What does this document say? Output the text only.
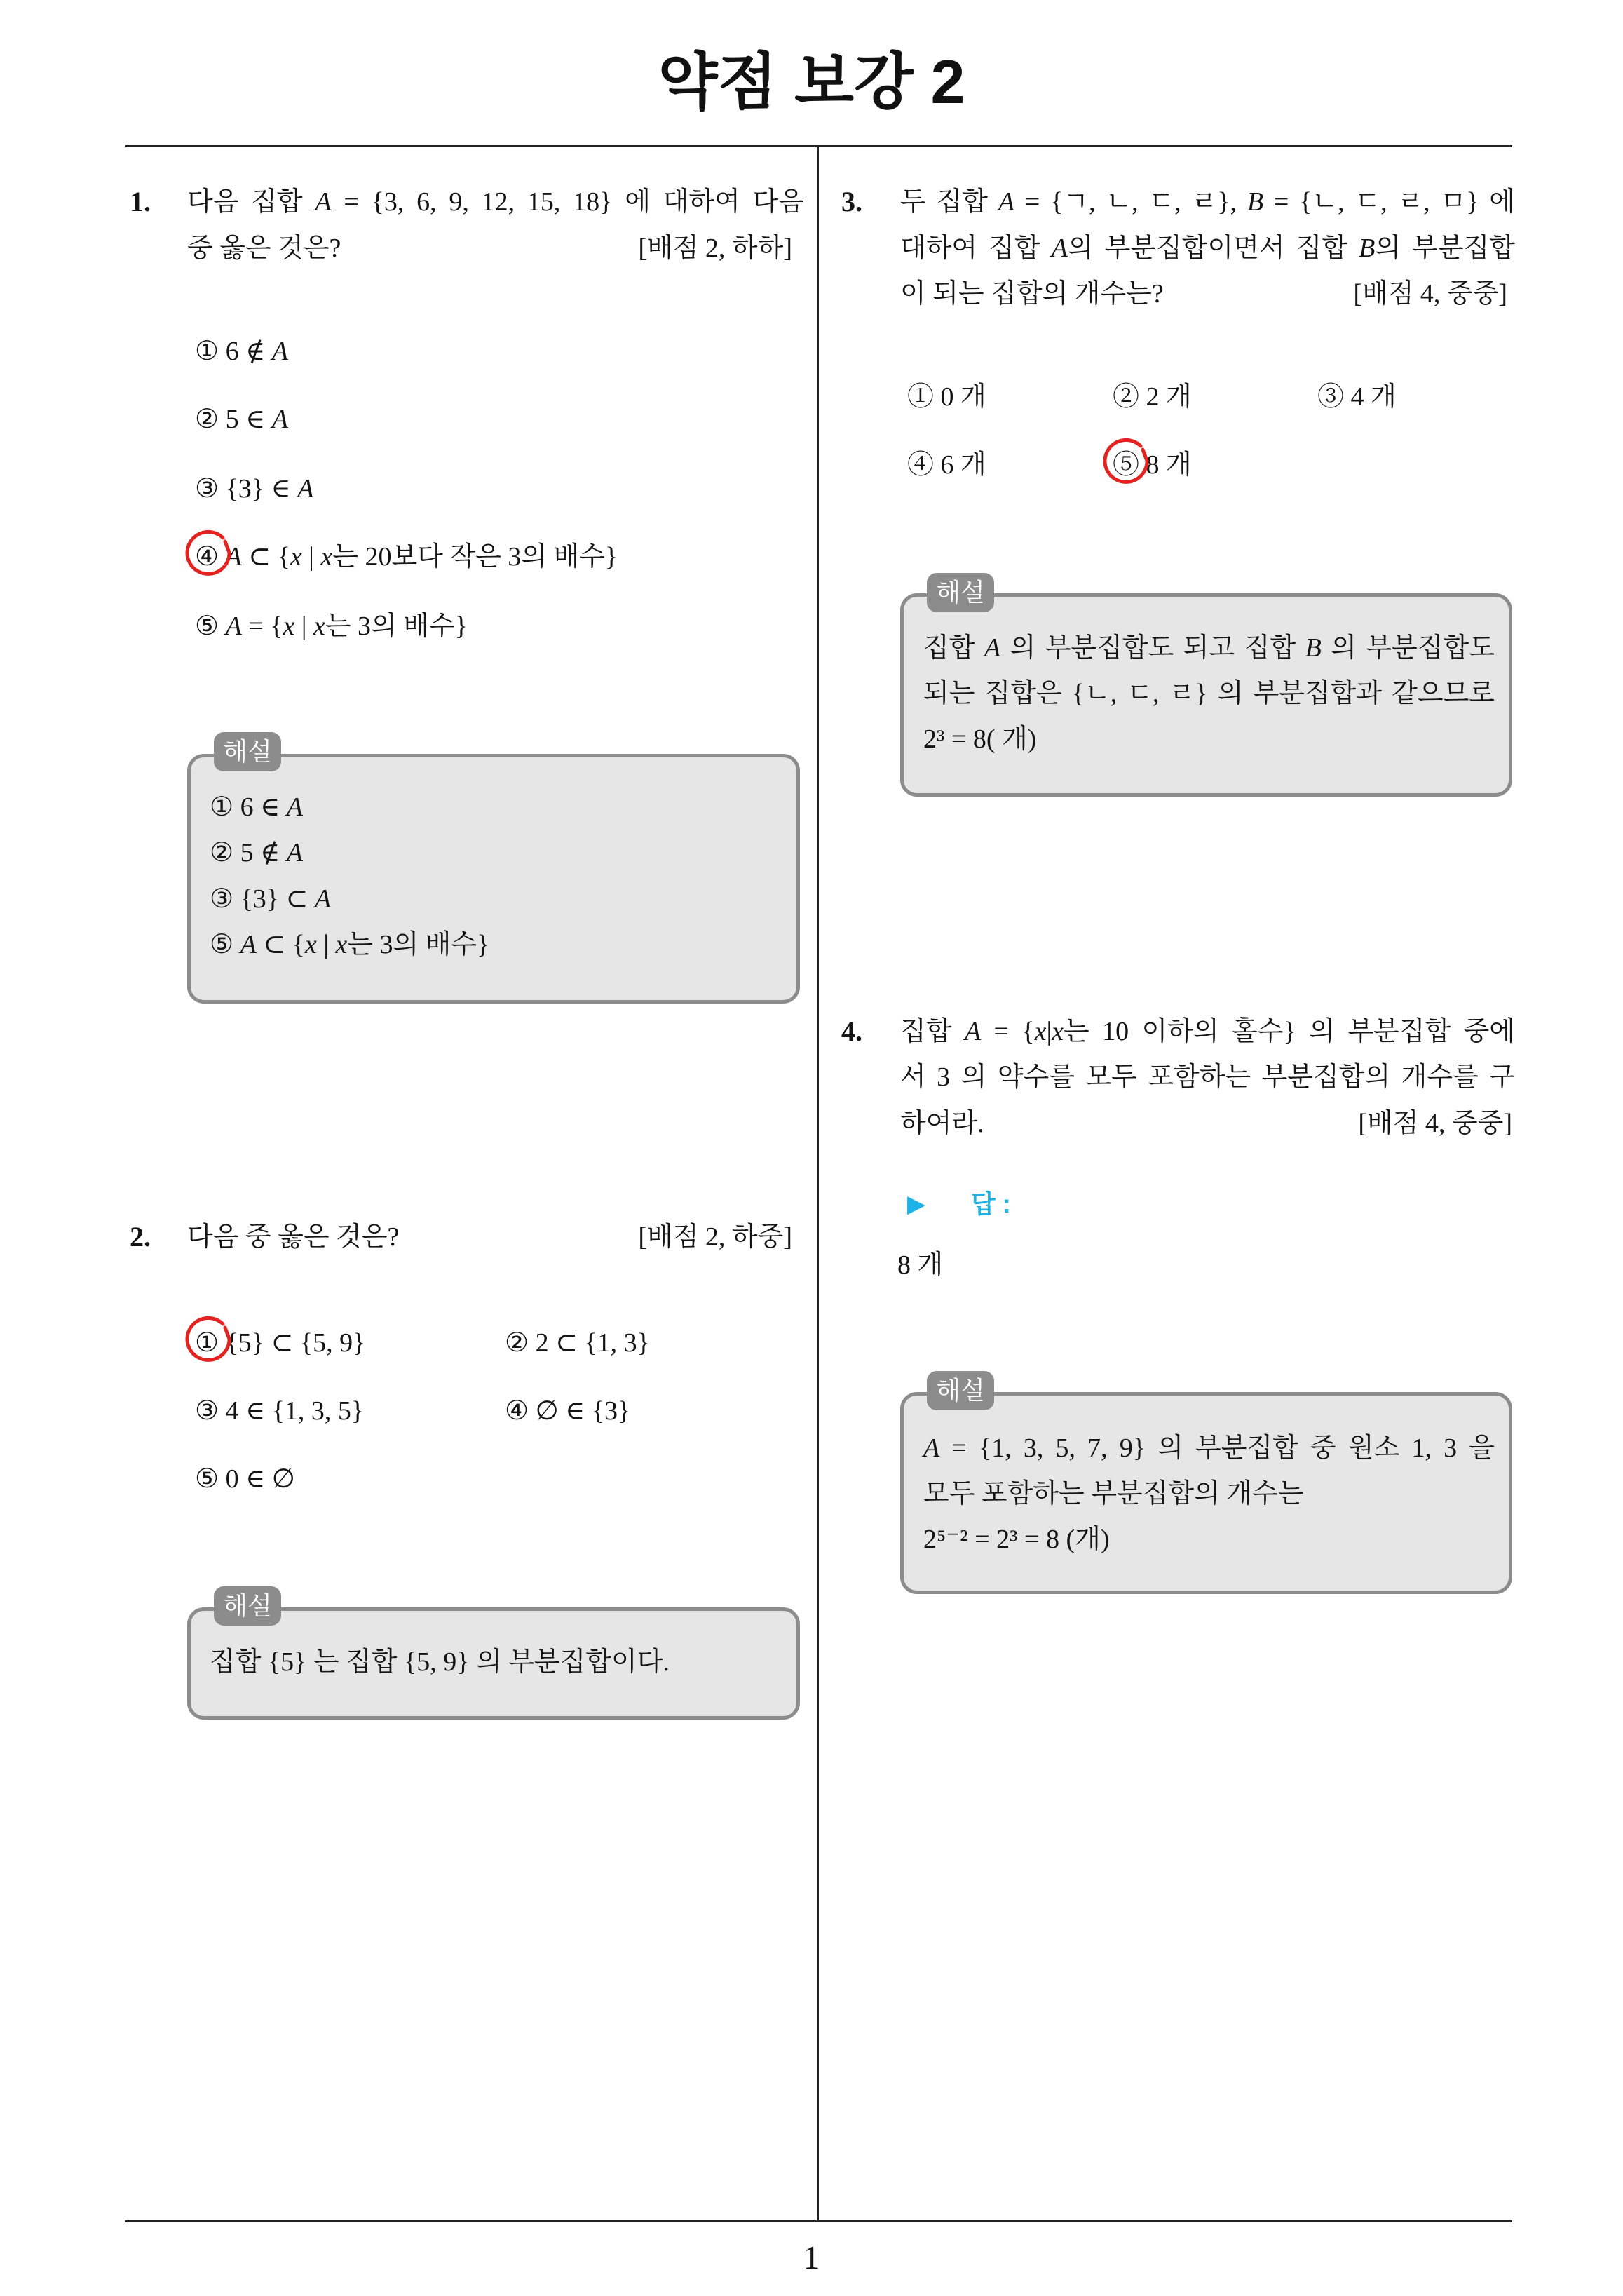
약점 보강 2
1. 다음 집합 A = {3, 6, 9, 12, 15, 18} 에 대하여 다음
중 옳은 것은?	[배점 2, 하하]
① 6 ∉ A
② 5 ∈ A
③ {3} ∈ A
④ A ⊂ {x | x는 20보다 작은 3의 배수}
⑤ A = {x | x는 3의 배수}
해설
① 6 ∈ A
② 5 ∉ A
③ {3} ⊂ A
⑤ A ⊂ {x | x는 3의 배수}
2. 다음 중 옳은 것은?	[배점 2, 하중]
① {5} ⊂ {5, 9}	② 2 ⊂ {1, 3}
③ 4 ∈ {1, 3, 5}	④ ∅ ∈ {3}
⑤ 0 ∈ ∅
해설
집합 {5} 는 집합 {5, 9} 의 부분집합이다.
3. 두 집합 A = {ㄱ, ㄴ, ㄷ, ㄹ}, B = {ㄴ, ㄷ, ㄹ, ㅁ} 에
대하여 집합 A의 부분집합이면서 집합 B의 부분집합
이 되는 집합의 개수는?	[배점 4, 중중]
① 0 개	② 2 개	③ 4 개
④ 6 개	⑤ 8 개
해설
집합 A 의 부분집합도 되고 집합 B 의 부분집합도
되는 집합은 {ㄴ, ㄷ, ㄹ} 의 부분집합과 같으므로
2³ = 8( 개)
4. 집합 A = {x|x는 10 이하의 홀수} 의 부분집합 중에
서 3 의 약수를 모두 포함하는 부분집합의 개수를 구
하여라.	[배점 4, 중중]
▶ 답 :
8 개
해설
A = {1, 3, 5, 7, 9} 의 부분집합 중 원소 1, 3 을
모두 포함하는 부분집합의 개수는
2⁵⁻² = 2³ = 8 (개)
1
